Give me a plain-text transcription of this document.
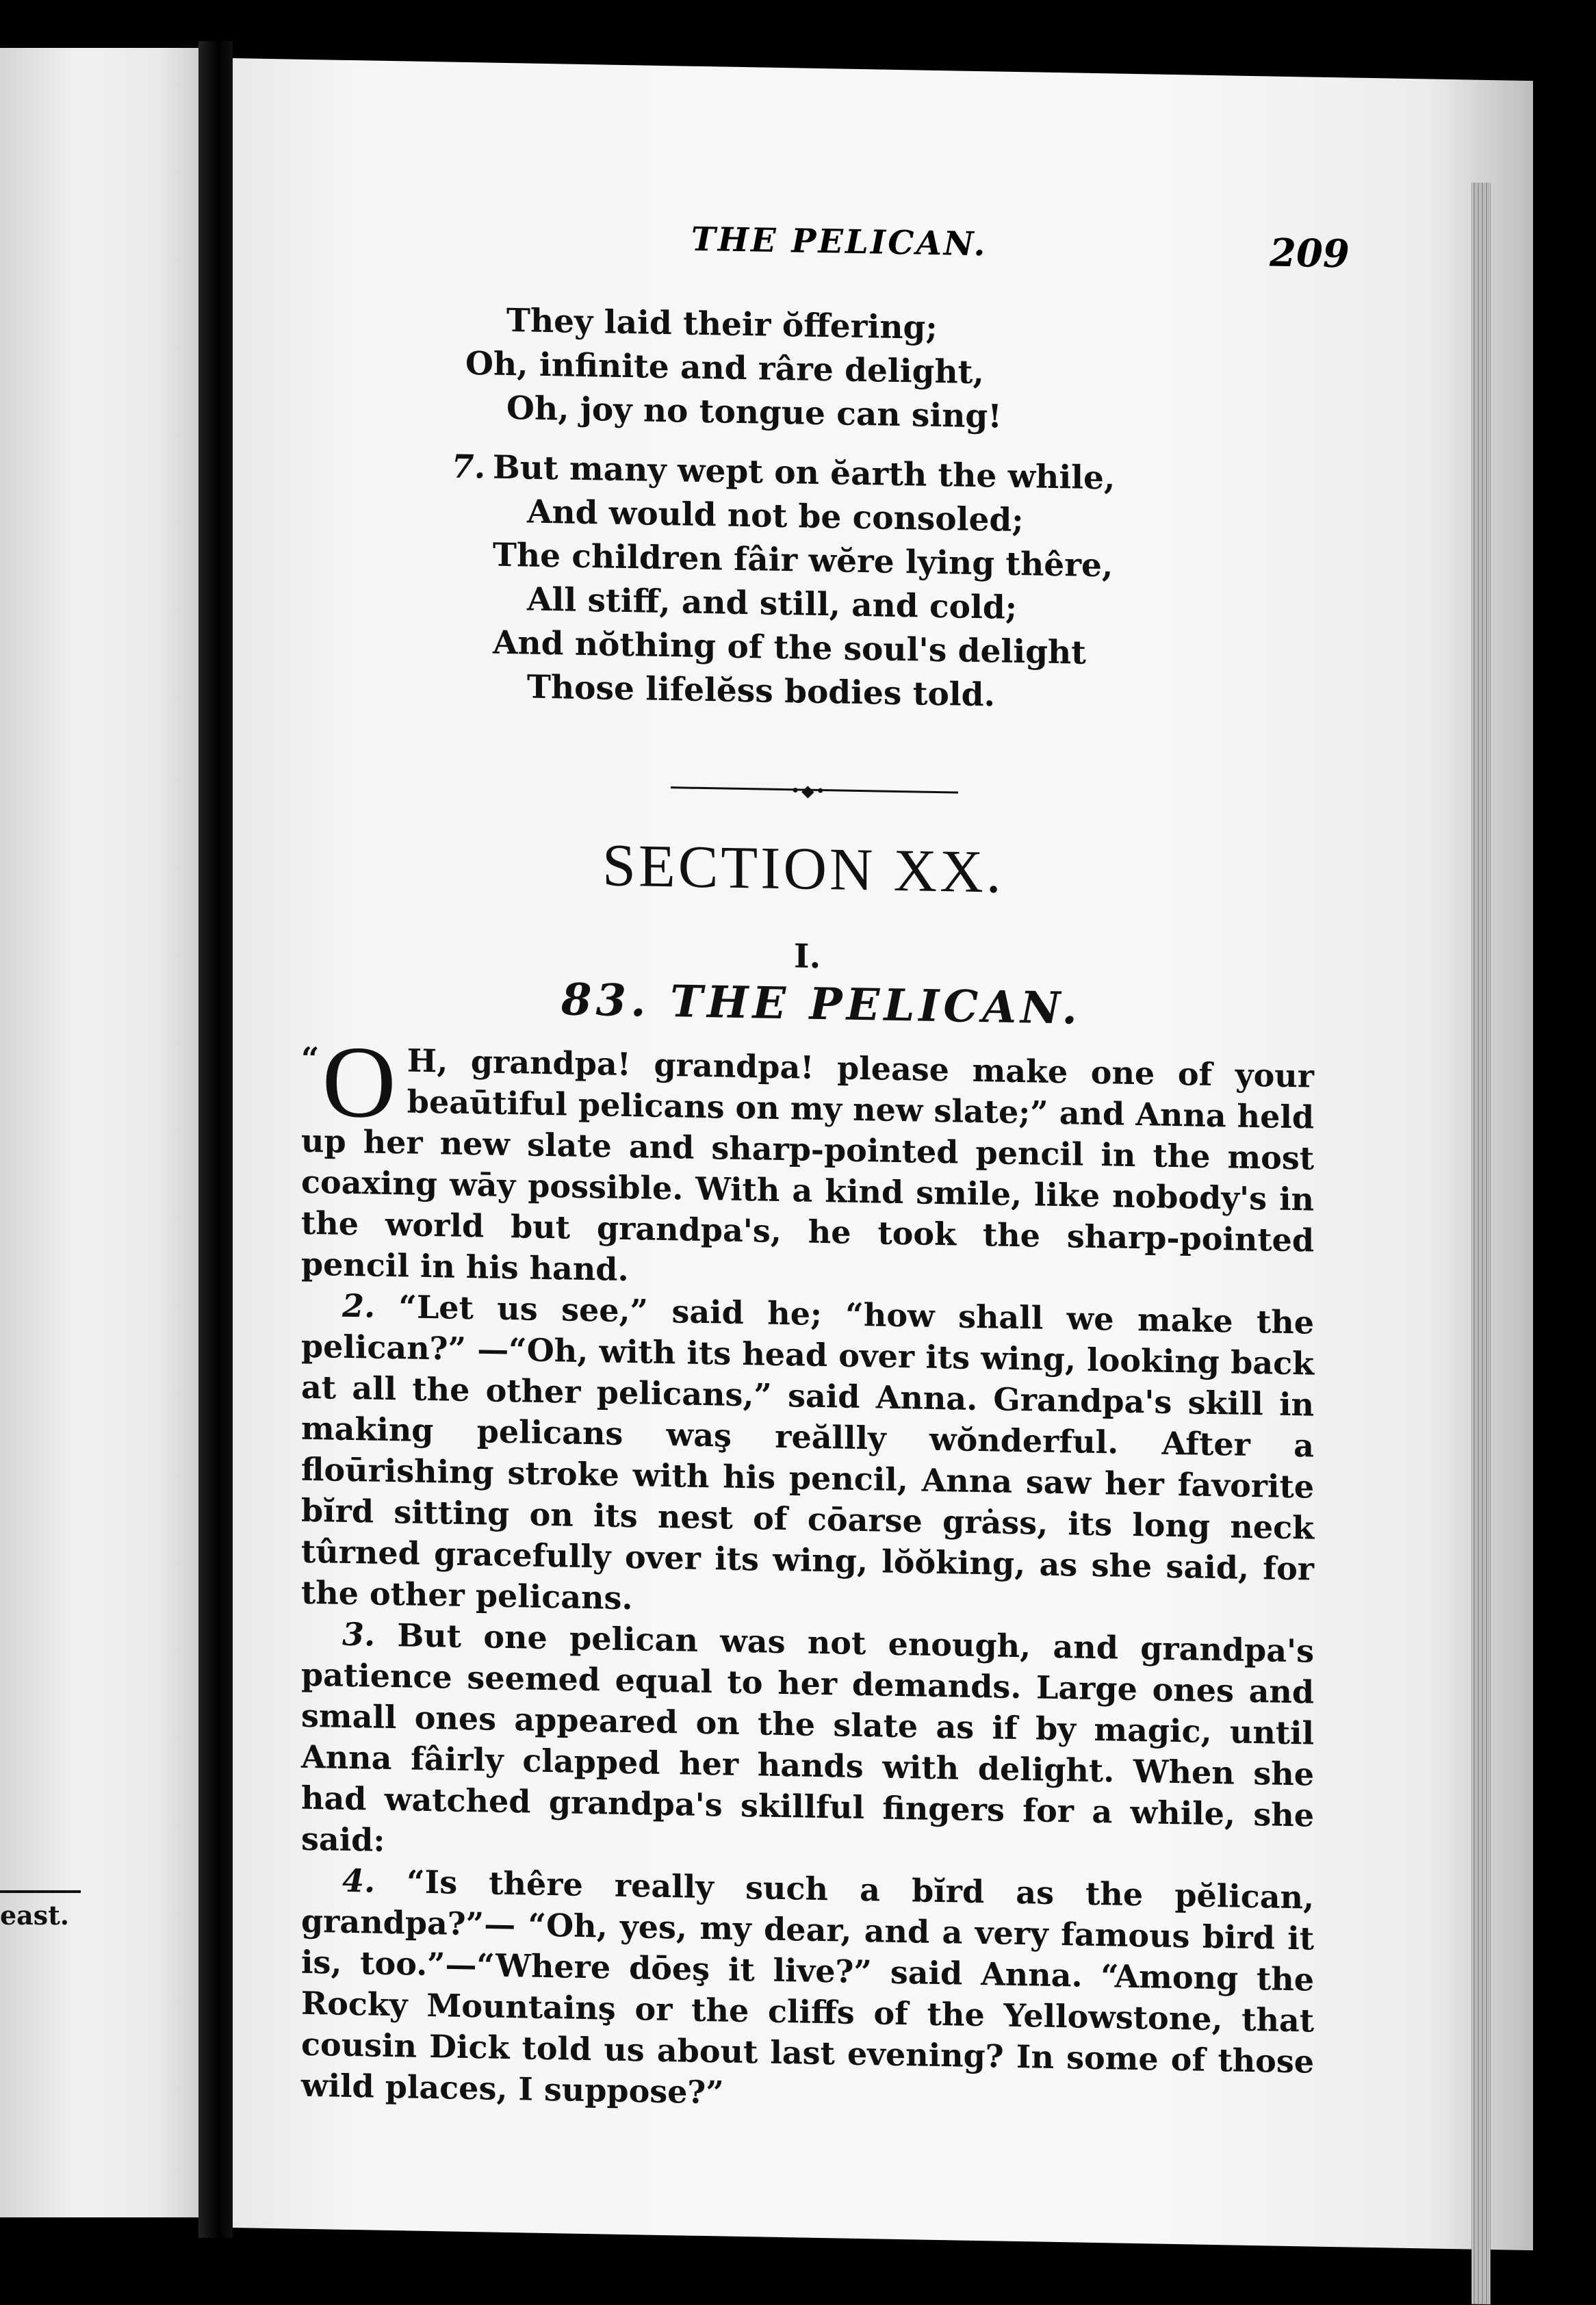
east.
THE PELICAN.	209
They laid their ŏffering;
Oh, infinite and râre delight,
Oh, joy no tongue can sing!
7. But many wept on ĕarth the while,
And would not be consoled;
The children fâir wĕre lying thêre,
All stiff, and still, and cold;
And nŏthing of the soul's delight
Those lifelĕss bodies told.
•◆•
SECTION XX.
I.
83. THE PELICAN.

“ O H, grandpa! grandpa! please make one of your beaūtiful pelicans on my new slate;” and Anna held up her new slate and sharp-pointed pencil in the most coaxing wāy possible. With a kind smile, like nobody's in the world but grandpa's, he took the sharp-pointed pencil in his hand.

2. “Let us see,” said he; “how shall we make the pelican?” —“Oh, with its head over its wing, looking back at all the other pelicans,” said Anna. Grandpa's skill in making pelicans waş reăllly wŏnderful. After a floūrishing stroke with his pencil, Anna saw her favorite bĭrd sitting on its nest of cōarse grȧss, its long neck tûrned gracefully over its wing, lŏŏking, as she said, for the other pelicans.

3. But one pelican was not enough, and grandpa's patience seemed equal to her demands. Large ones and small ones appeared on the slate as if by magic, until Anna fâirly clapped her hands with delight. When she had watched grandpa's skillful fingers for a while, she said:

4. “Is thêre really such a bĭrd as the pĕlican, grandpa?”— “Oh, yes, my dear, and a very famous bird it is, too.”—“Where dōeş it live?” said Anna. “Among the Rocky Mountainş or the cliffs of the Yellowstone, that cousin Dick told us about last evening? In some of those wild places, I suppose?”
